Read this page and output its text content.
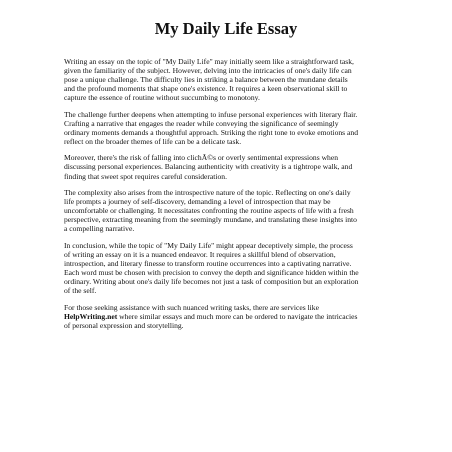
My Daily Life Essay

Writing an essay on the topic of "My Daily Life" may initially seem like a straightforward task,
given the familiarity of the subject. However, delving into the intricacies of one's daily life can
pose a unique challenge. The difficulty lies in striking a balance between the mundane details
and the profound moments that shape one's existence. It requires a keen observational skill to
capture the essence of routine without succumbing to monotony.

The challenge further deepens when attempting to infuse personal experiences with literary flair.
Crafting a narrative that engages the reader while conveying the significance of seemingly
ordinary moments demands a thoughtful approach. Striking the right tone to evoke emotions and
reflect on the broader themes of life can be a delicate task.

Moreover, there's the risk of falling into clichÃ©s or overly sentimental expressions when
discussing personal experiences. Balancing authenticity with creativity is a tightrope walk, and
finding that sweet spot requires careful consideration.

The complexity also arises from the introspective nature of the topic. Reflecting on one's daily
life prompts a journey of self-discovery, demanding a level of introspection that may be
uncomfortable or challenging. It necessitates confronting the routine aspects of life with a fresh
perspective, extracting meaning from the seemingly mundane, and translating these insights into
a compelling narrative.

In conclusion, while the topic of "My Daily Life" might appear deceptively simple, the process
of writing an essay on it is a nuanced endeavor. It requires a skillful blend of observation,
introspection, and literary finesse to transform routine occurrences into a captivating narrative.
Each word must be chosen with precision to convey the depth and significance hidden within the
ordinary. Writing about one's daily life becomes not just a task of composition but an exploration
of the self.

For those seeking assistance with such nuanced writing tasks, there are services like
HelpWriting.net where similar essays and much more can be ordered to navigate the intricacies
of personal expression and storytelling.
